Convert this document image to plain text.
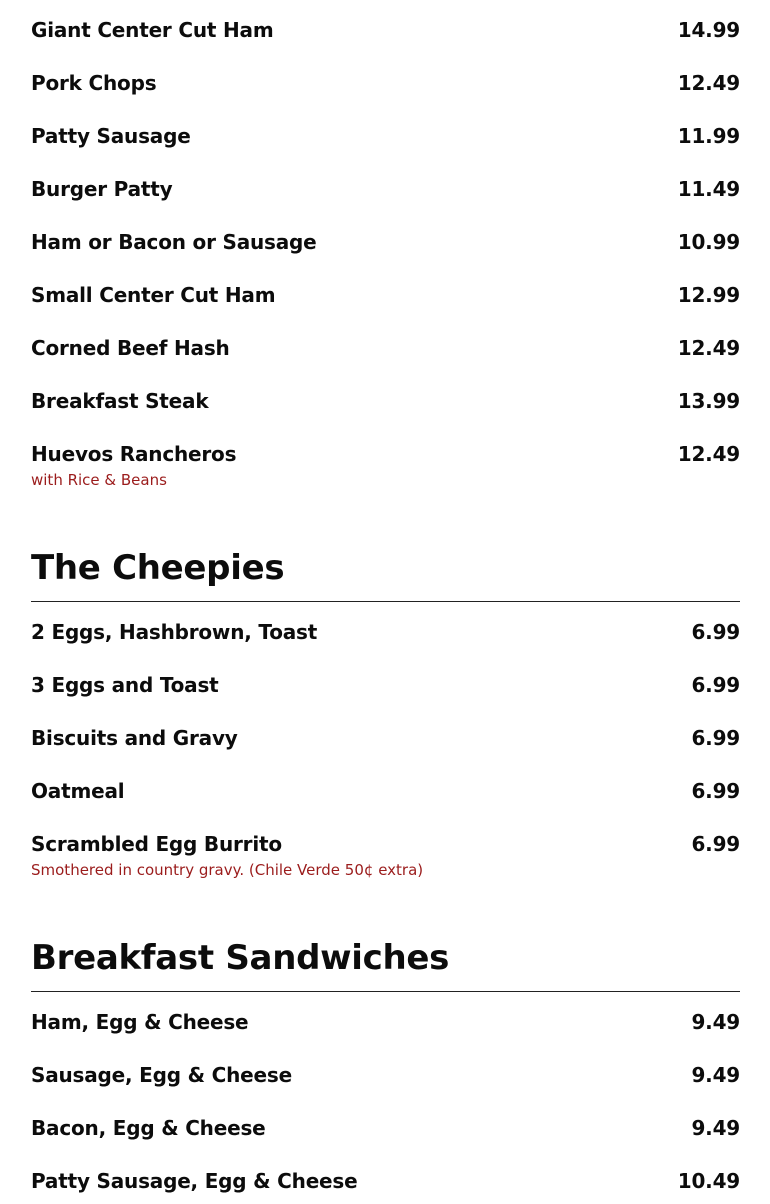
Giant Center Cut Ham	14.99
Pork Chops	12.49
Patty Sausage	11.99
Burger Patty	11.49
Ham or Bacon or Sausage	10.99
Small Center Cut Ham	12.99
Corned Beef Hash	12.49
Breakfast Steak	13.99
Huevos Rancheros	12.49
with Rice & Beans
The Cheepies
2 Eggs, Hashbrown, Toast	6.99
3 Eggs and Toast	6.99
Biscuits and Gravy	6.99
Oatmeal	6.99
Scrambled Egg Burrito	6.99
Smothered in country gravy. (Chile Verde 50¢ extra)
Breakfast Sandwiches
Ham, Egg & Cheese	9.49
Sausage, Egg & Cheese	9.49
Bacon, Egg & Cheese	9.49
Patty Sausage, Egg & Cheese	10.49
